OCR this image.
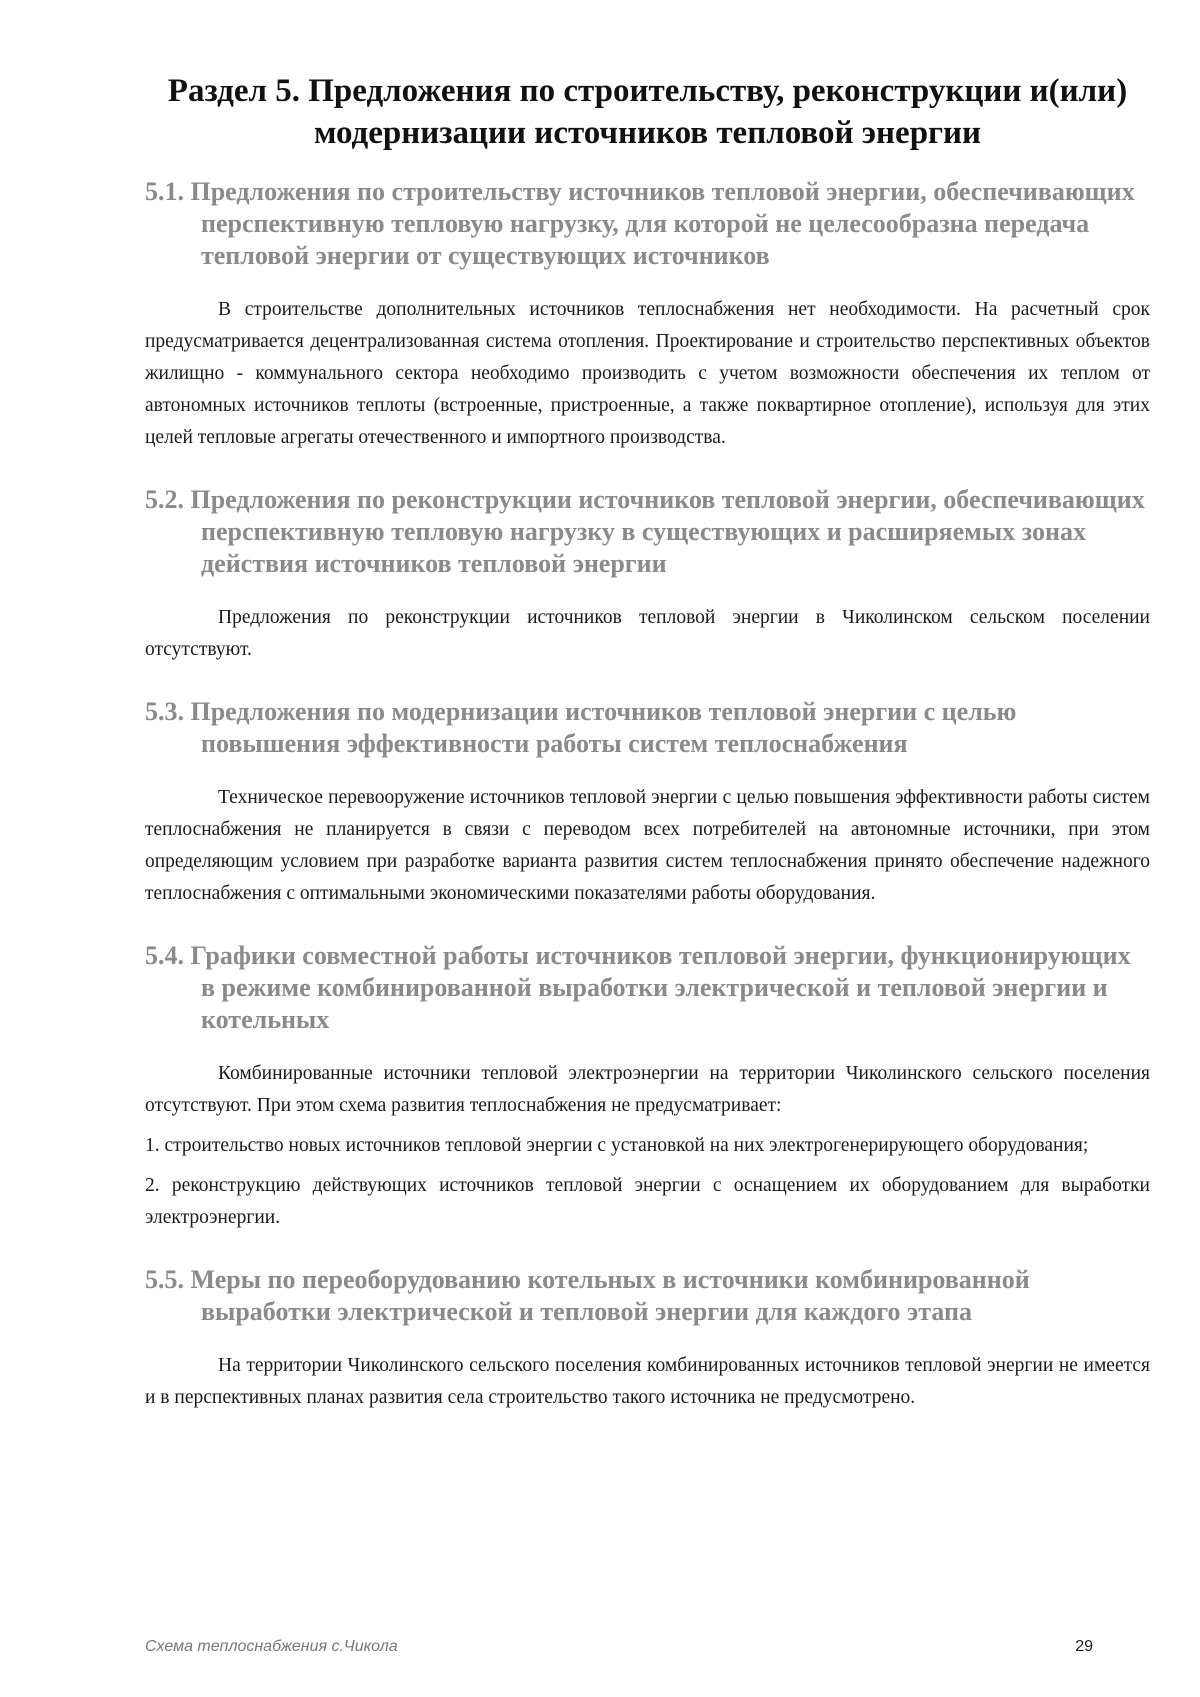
Раздел 5. Предложения по строительству, реконструкции и(или) модернизации источников тепловой энергии
5.1. Предложения по строительству источников тепловой энергии, обеспечивающих перспективную тепловую нагрузку, для которой не целесообразна передача тепловой энергии от существующих источников

В строительстве дополнительных источников теплоснабжения нет необходимости. На расчетный срок предусматривается децентрализованная система отопления. Проектирование и строительство перспективных объектов жилищно - коммунального сектора необходимо производить с учетом возможности обеспечения их теплом от автономных источников теплоты (встроенные, пристроенные, а также поквартирное отопление), используя для этих целей тепловые агрегаты отечественного и импортного производства.

5.2. Предложения по реконструкции источников тепловой энергии, обеспечивающих перспективную тепловую нагрузку в существующих и расширяемых зонах действия источников тепловой энергии

Предложения по реконструкции источников тепловой энергии в Чиколинском сельском поселении отсутствуют.

5.3. Предложения по модернизации источников тепловой энергии с целью повышения эффективности работы систем теплоснабжения

Техническое перевооружение источников тепловой энергии с целью повышения эффективности работы систем теплоснабжения не планируется в связи с переводом всех потребителей на автономные источники, при этом определяющим условием при разработке варианта развития систем теплоснабжения принято обеспечение надежного теплоснабжения с оптимальными экономическими показателями работы оборудования.

5.4. Графики совместной работы источников тепловой энергии, функционирующих в режиме комбинированной выработки электрической и тепловой энергии и котельных

Комбинированные источники тепловой электроэнергии на территории Чиколинского сельского поселения отсутствуют. При этом схема развития теплоснабжения не предусматривает:

1. строительство новых источников тепловой энергии с установкой на них электрогенерирующего оборудования;

2. реконструкцию действующих источников тепловой энергии с оснащением их оборудованием для выработки электроэнергии.

5.5. Меры по переоборудованию котельных в источники комбинированной выработки электрической и тепловой энергии для каждого этапа

На территории Чиколинского сельского поселения комбинированных источников тепловой энергии не имеется и в перспективных планах развития села строительство такого источника не предусмотрено.

Схема теплоснабжения с.Чикола	29
